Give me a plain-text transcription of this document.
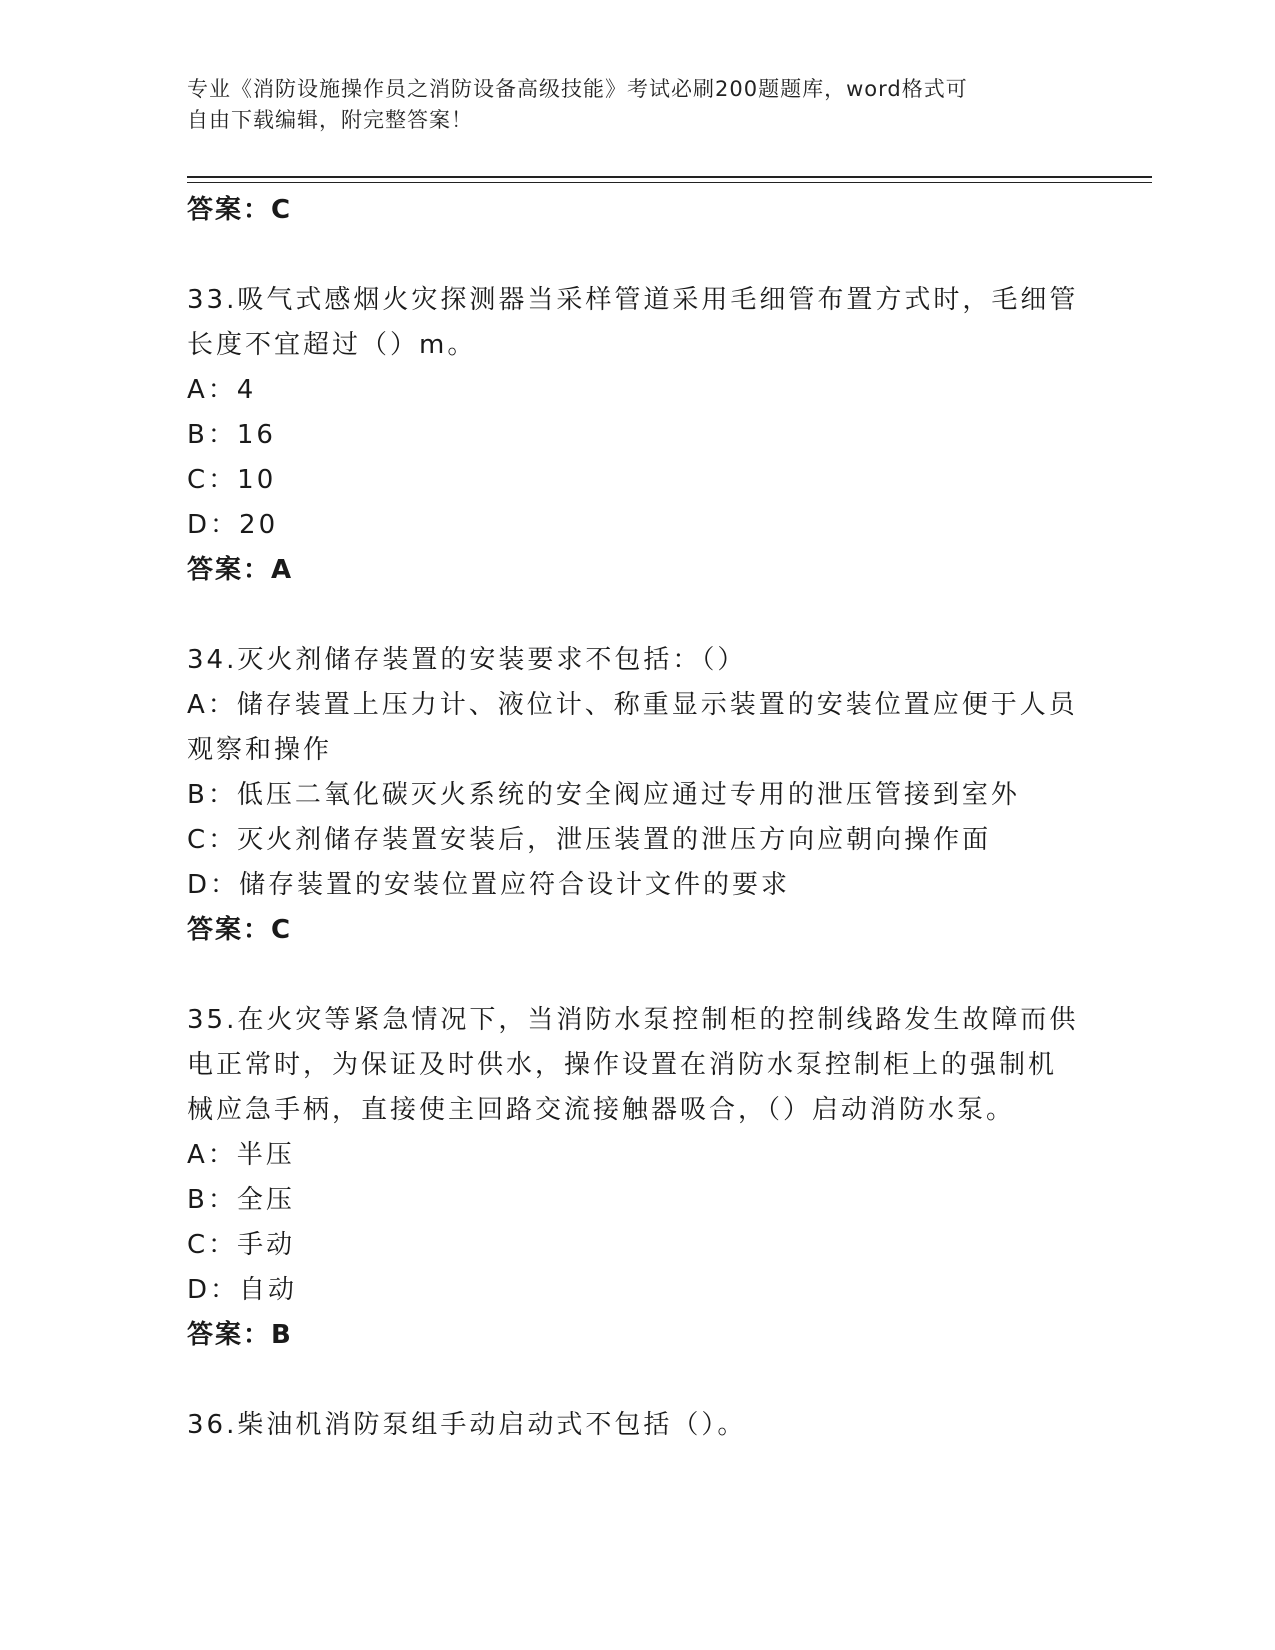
专业《消防设施操作员之消防设备高级技能》考试必刷200题题库，word格式可
自由下载编辑，附完整答案！
答案：C
33.吸气式感烟火灾探测器当采样管道采用毛细管布置方式时，毛细管
长度不宜超过（）m。
A：4
B：16
C：10
D：20
答案：A
34.灭火剂储存装置的安装要求不包括：（）
A：储存装置上压力计、液位计、称重显示装置的安装位置应便于人员
观察和操作
B：低压二氧化碳灭火系统的安全阀应通过专用的泄压管接到室外
C：灭火剂储存装置安装后，泄压装置的泄压方向应朝向操作面
D：储存装置的安装位置应符合设计文件的要求
答案：C
35.在火灾等紧急情况下，当消防水泵控制柜的控制线路发生故障而供
电正常时，为保证及时供水，操作设置在消防水泵控制柜上的强制机
械应急手柄，直接使主回路交流接触器吸合，（）启动消防水泵。
A：半压
B：全压
C：手动
D：自动
答案：B
36.柴油机消防泵组手动启动式不包括（）。
